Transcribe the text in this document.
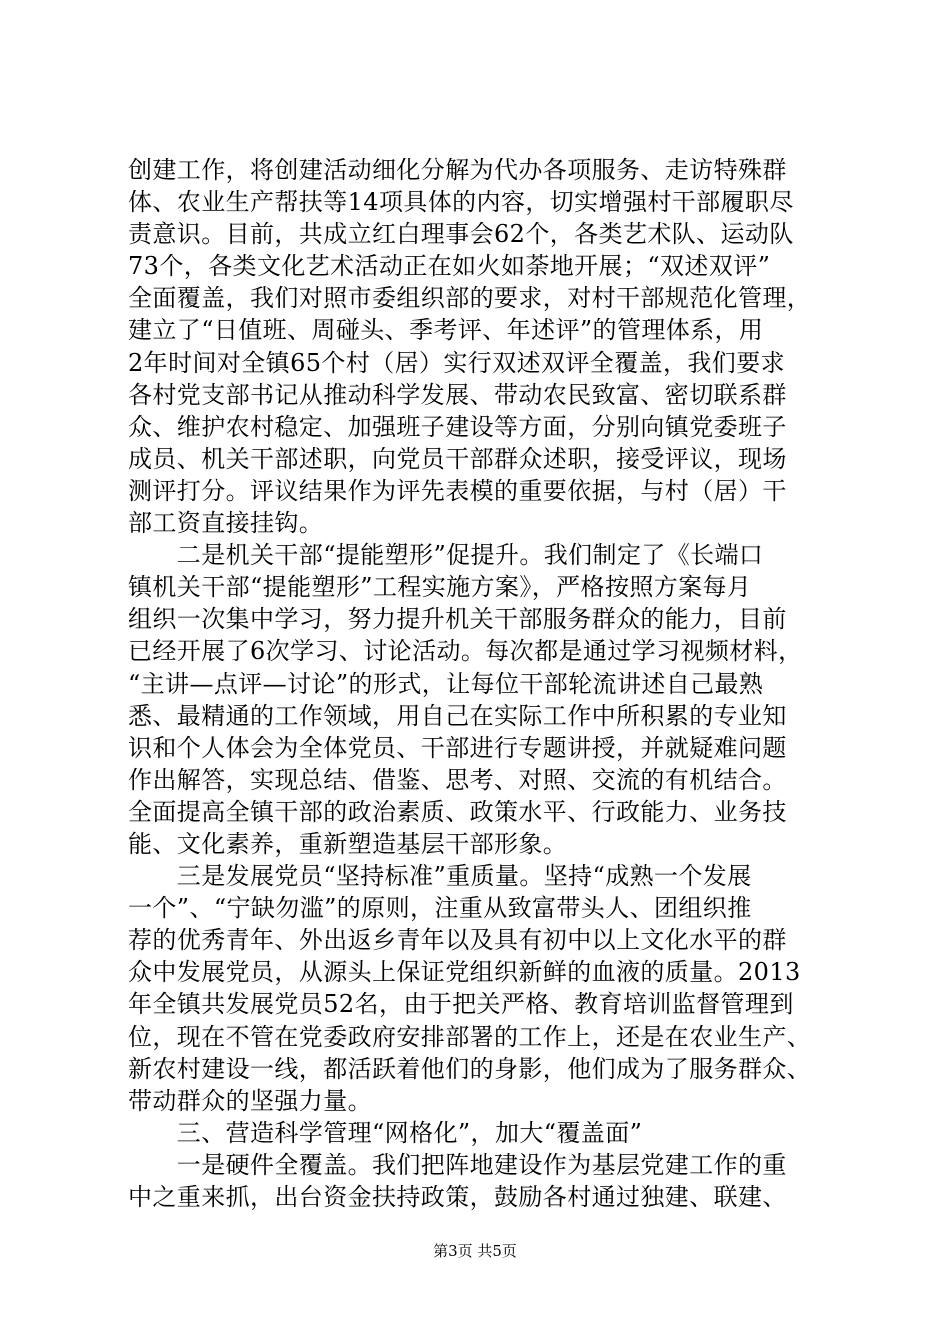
创建工作，将创建活动细化分解为代办各项服务、走访特殊群
体、农业生产帮扶等14项具体的内容，切实增强村干部履职尽
责意识。目前，共成立红白理事会62个，各类艺术队、运动队
73个，各类文化艺术活动正在如火如荼地开展；“双述双评”
全面覆盖，我们对照市委组织部的要求，对村干部规范化管理，
建立了“日值班、周碰头、季考评、年述评”的管理体系，用
2年时间对全镇65个村（居）实行双述双评全覆盖，我们要求
各村党支部书记从推动科学发展、带动农民致富、密切联系群
众、维护农村稳定、加强班子建设等方面，分别向镇党委班子
成员、机关干部述职，向党员干部群众述职，接受评议，现场
测评打分。评议结果作为评先表模的重要依据，与村（居）干
部工资直接挂钩。
　　二是机关干部“提能塑形”促提升。我们制定了《长端口
镇机关干部“提能塑形”工程实施方案》，严格按照方案每月
组织一次集中学习，努力提升机关干部服务群众的能力，目前
已经开展了6次学习、讨论活动。每次都是通过学习视频材料，
“主讲—点评—讨论”的形式，让每位干部轮流讲述自己最熟
悉、最精通的工作领域，用自己在实际工作中所积累的专业知
识和个人体会为全体党员、干部进行专题讲授，并就疑难问题
作出解答，实现总结、借鉴、思考、对照、交流的有机结合。
全面提高全镇干部的政治素质、政策水平、行政能力、业务技
能、文化素养，重新塑造基层干部形象。
　　三是发展党员“坚持标准”重质量。坚持“成熟一个发展
一个”、“宁缺勿滥”的原则，注重从致富带头人、团组织推
荐的优秀青年、外出返乡青年以及具有初中以上文化水平的群
众中发展党员，从源头上保证党组织新鲜的血液的质量。2013
年全镇共发展党员52名，由于把关严格、教育培训监督管理到
位，现在不管在党委政府安排部署的工作上，还是在农业生产、
新农村建设一线，都活跃着他们的身影，他们成为了服务群众、
带动群众的坚强力量。
　　三、营造科学管理“网格化”，加大“覆盖面”
　　一是硬件全覆盖。我们把阵地建设作为基层党建工作的重
中之重来抓，出台资金扶持政策，鼓励各村通过独建、联建、
第3页 共5页
